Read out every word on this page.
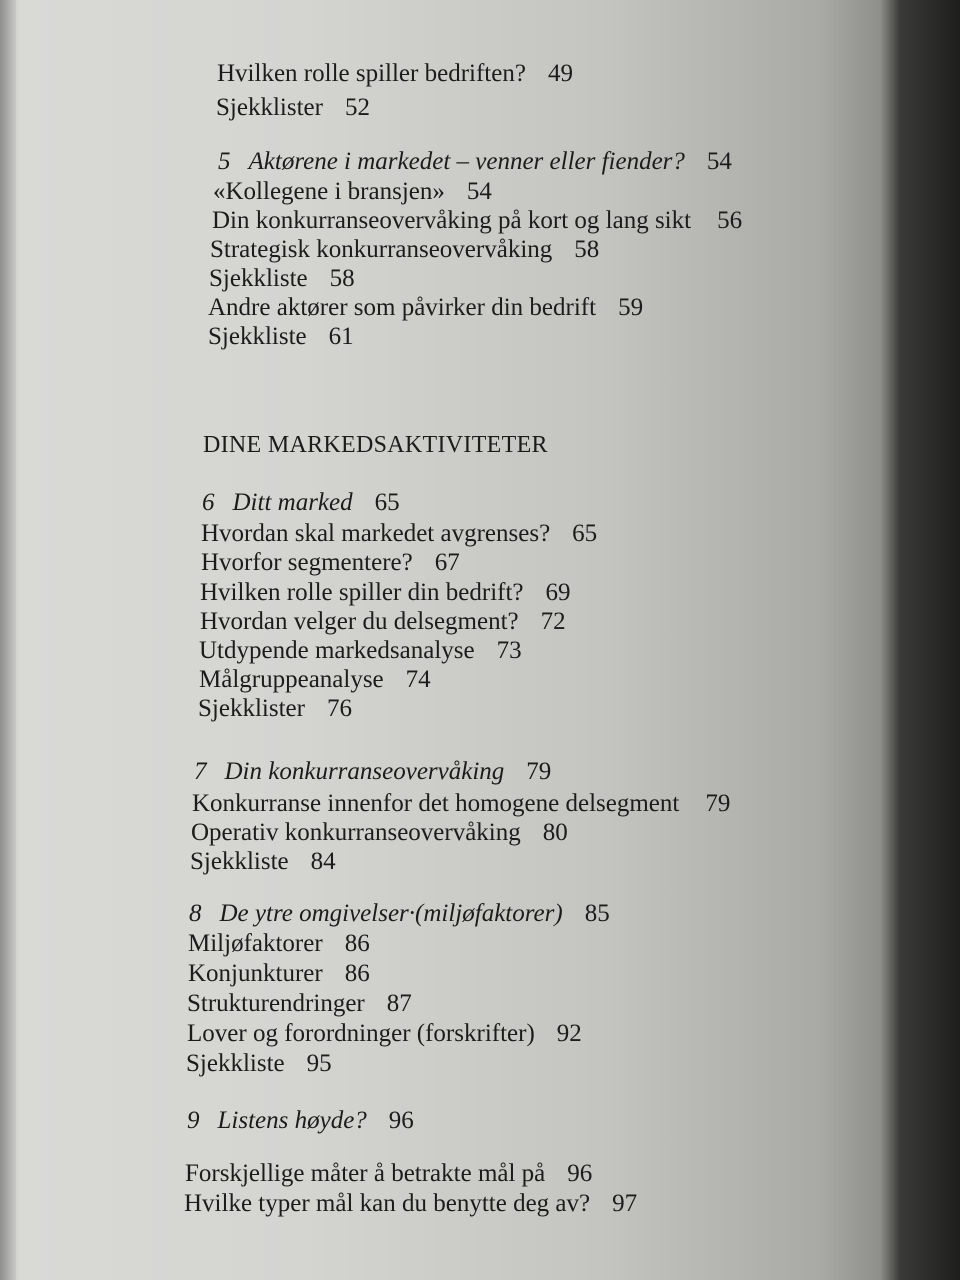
Hvilken rolle spiller bedriften? 49
Sjekklister 52
5 Aktørene i markedet – venner eller fiender? 54
«Kollegene i bransjen» 54
Din konkurranseovervåking på kort og lang sikt 56
Strategisk konkurranseovervåking 58
Sjekkliste 58
Andre aktører som påvirker din bedrift 59
Sjekkliste 61
DINE MARKEDSAKTIVITETER
6 Ditt marked 65
Hvordan skal markedet avgrenses? 65
Hvorfor segmentere? 67
Hvilken rolle spiller din bedrift? 69
Hvordan velger du delsegment? 72
Utdypende markedsanalyse 73
Målgruppeanalyse 74
Sjekklister 76
7 Din konkurranseovervåking 79
Konkurranse innenfor det homogene delsegment 79
Operativ konkurranseovervåking 80
Sjekkliste 84
8 De ytre omgivelser·(miljøfaktorer) 85
Miljøfaktorer 86
Konjunkturer 86
Strukturendringer 87
Lover og forordninger (forskrifter) 92
Sjekkliste 95
9 Listens høyde? 96
Forskjellige måter å betrakte mål på 96
Hvilke typer mål kan du benytte deg av? 97
